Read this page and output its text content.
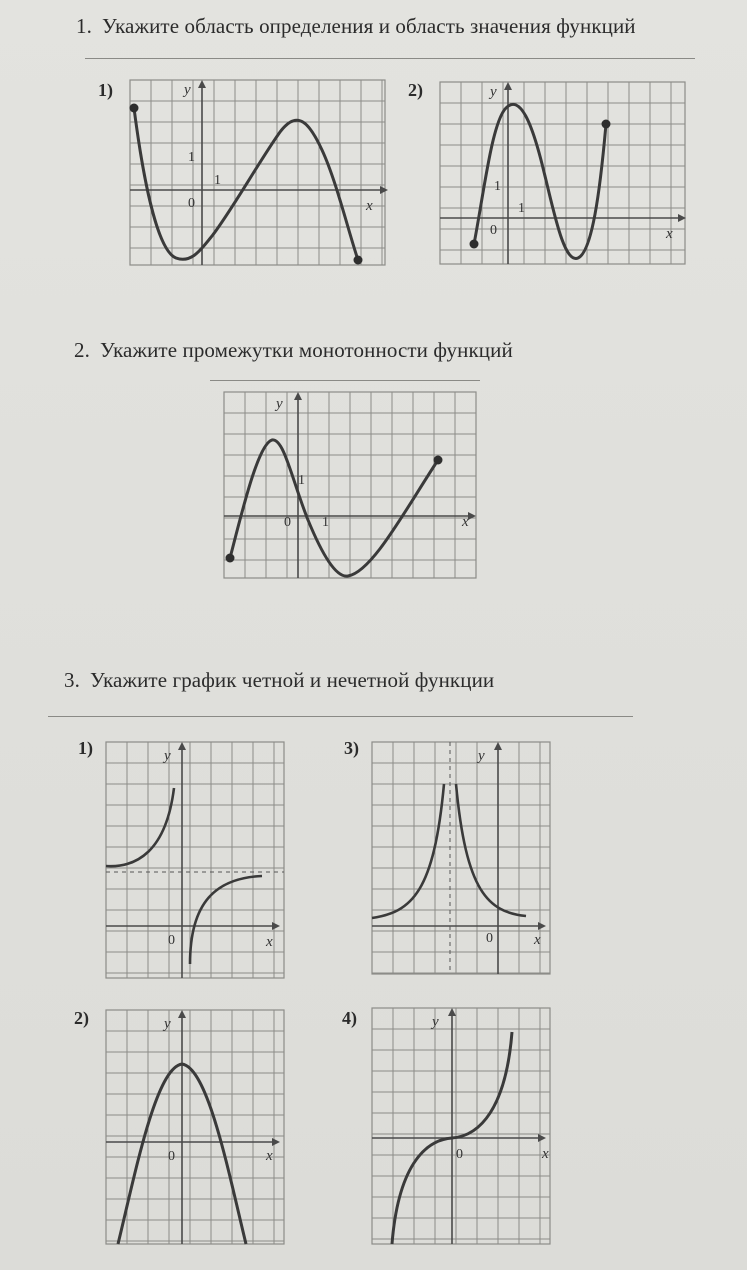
1. Укажите область определения и область значения функций
1)	y
x
0
1
1
2)	y
x
0
1
1
2. Укажите промежутки монотонности функций
y
x
0
1
1
3. Укажите график четной и нечетной функции
1)	y
x
0
3)	y
x
0
2)	y
x
0
4)	y
x
0
